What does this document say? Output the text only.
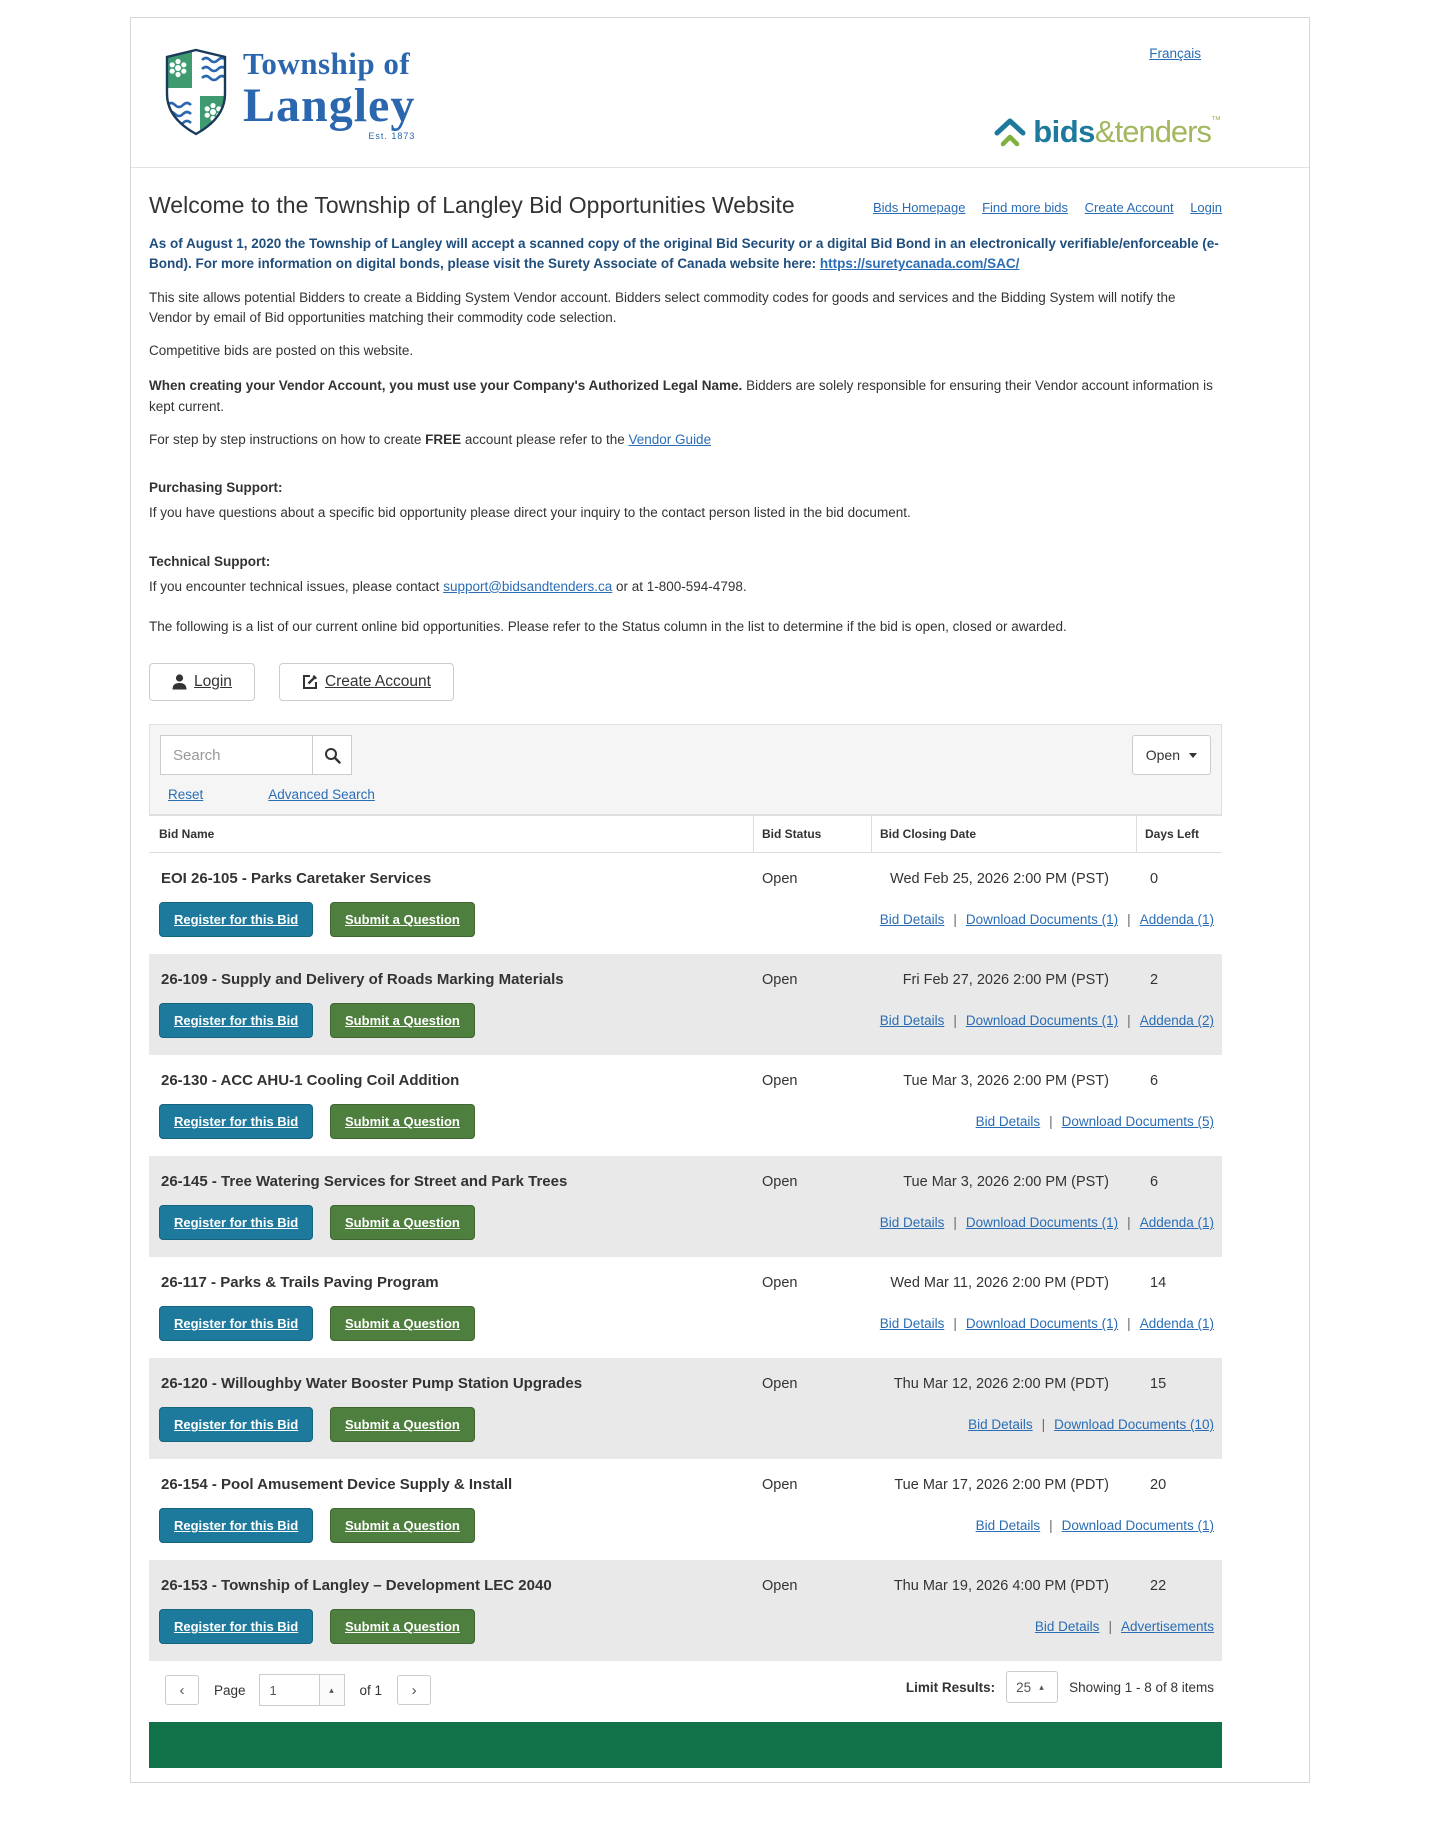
Township of
Langley
Est. 1873
Français
bids&tenders™
Welcome to the Township of Langley Bid Opportunities Website	Bids Homepage Find more bids Create Account Login

As of August 1, 2020 the Township of Langley will accept a scanned copy of the original Bid Security or a digital Bid Bond in an electronically verifiable/enforceable (e-Bond). For more information on digital bonds, please visit the Surety Associate of Canada website here: https://suretycanada.com/SAC/

This site allows potential Bidders to create a Bidding System Vendor account. Bidders select commodity codes for goods and services and the Bidding System will notify the Vendor by email of Bid opportunities matching their commodity code selection.

Competitive bids are posted on this website.

When creating your Vendor Account, you must use your Company's Authorized Legal Name. Bidders are solely responsible for ensuring their Vendor account information is kept current.

For step by step instructions on how to create FREE account please refer to the Vendor Guide

Purchasing Support:

If you have questions about a specific bid opportunity please direct your inquiry to the contact person listed in the bid document.

Technical Support:

If you encounter technical issues, please contact support@bidsandtenders.ca or at 1-800-594-4798.

The following is a list of our current online bid opportunities. Please refer to the Status column in the list to determine if the bid is open, closed or awarded.

Login	Create Account
Search
Open
Reset	Advanced Search
Bid Name	Bid Status	Bid Closing Date	Days Left
EOI 26-105 - Parks Caretaker Services	Open	Wed Feb 25, 2026 2:00 PM (PST)	0
Register for this Bid	Submit a Question	Bid Details | Download Documents (1) | Addenda (1)
26-109 - Supply and Delivery of Roads Marking Materials	Open	Fri Feb 27, 2026 2:00 PM (PST)	2
Register for this Bid	Submit a Question	Bid Details | Download Documents (1) | Addenda (2)
26-130 - ACC AHU-1 Cooling Coil Addition	Open	Tue Mar 3, 2026 2:00 PM (PST)	6
Register for this Bid	Submit a Question	Bid Details | Download Documents (5)
26-145 - Tree Watering Services for Street and Park Trees	Open	Tue Mar 3, 2026 2:00 PM (PST)	6
Register for this Bid	Submit a Question	Bid Details | Download Documents (1) | Addenda (1)
26-117 - Parks & Trails Paving Program	Open	Wed Mar 11, 2026 2:00 PM (PDT)	14
Register for this Bid	Submit a Question	Bid Details | Download Documents (1) | Addenda (1)
26-120 - Willoughby Water Booster Pump Station Upgrades	Open	Thu Mar 12, 2026 2:00 PM (PDT)	15
Register for this Bid	Submit a Question	Bid Details | Download Documents (10)
26-154 - Pool Amusement Device Supply & Install	Open	Tue Mar 17, 2026 2:00 PM (PDT)	20
Register for this Bid	Submit a Question	Bid Details | Download Documents (1)
26-153 - Township of Langley – Development LEC 2040	Open	Thu Mar 19, 2026 4:00 PM (PDT)	22
Register for this Bid	Submit a Question	Bid Details | Advertisements
‹	Page
1	▴	of 1	›	Limit Results: 25 ▴ Showing 1 - 8 of 8 items
